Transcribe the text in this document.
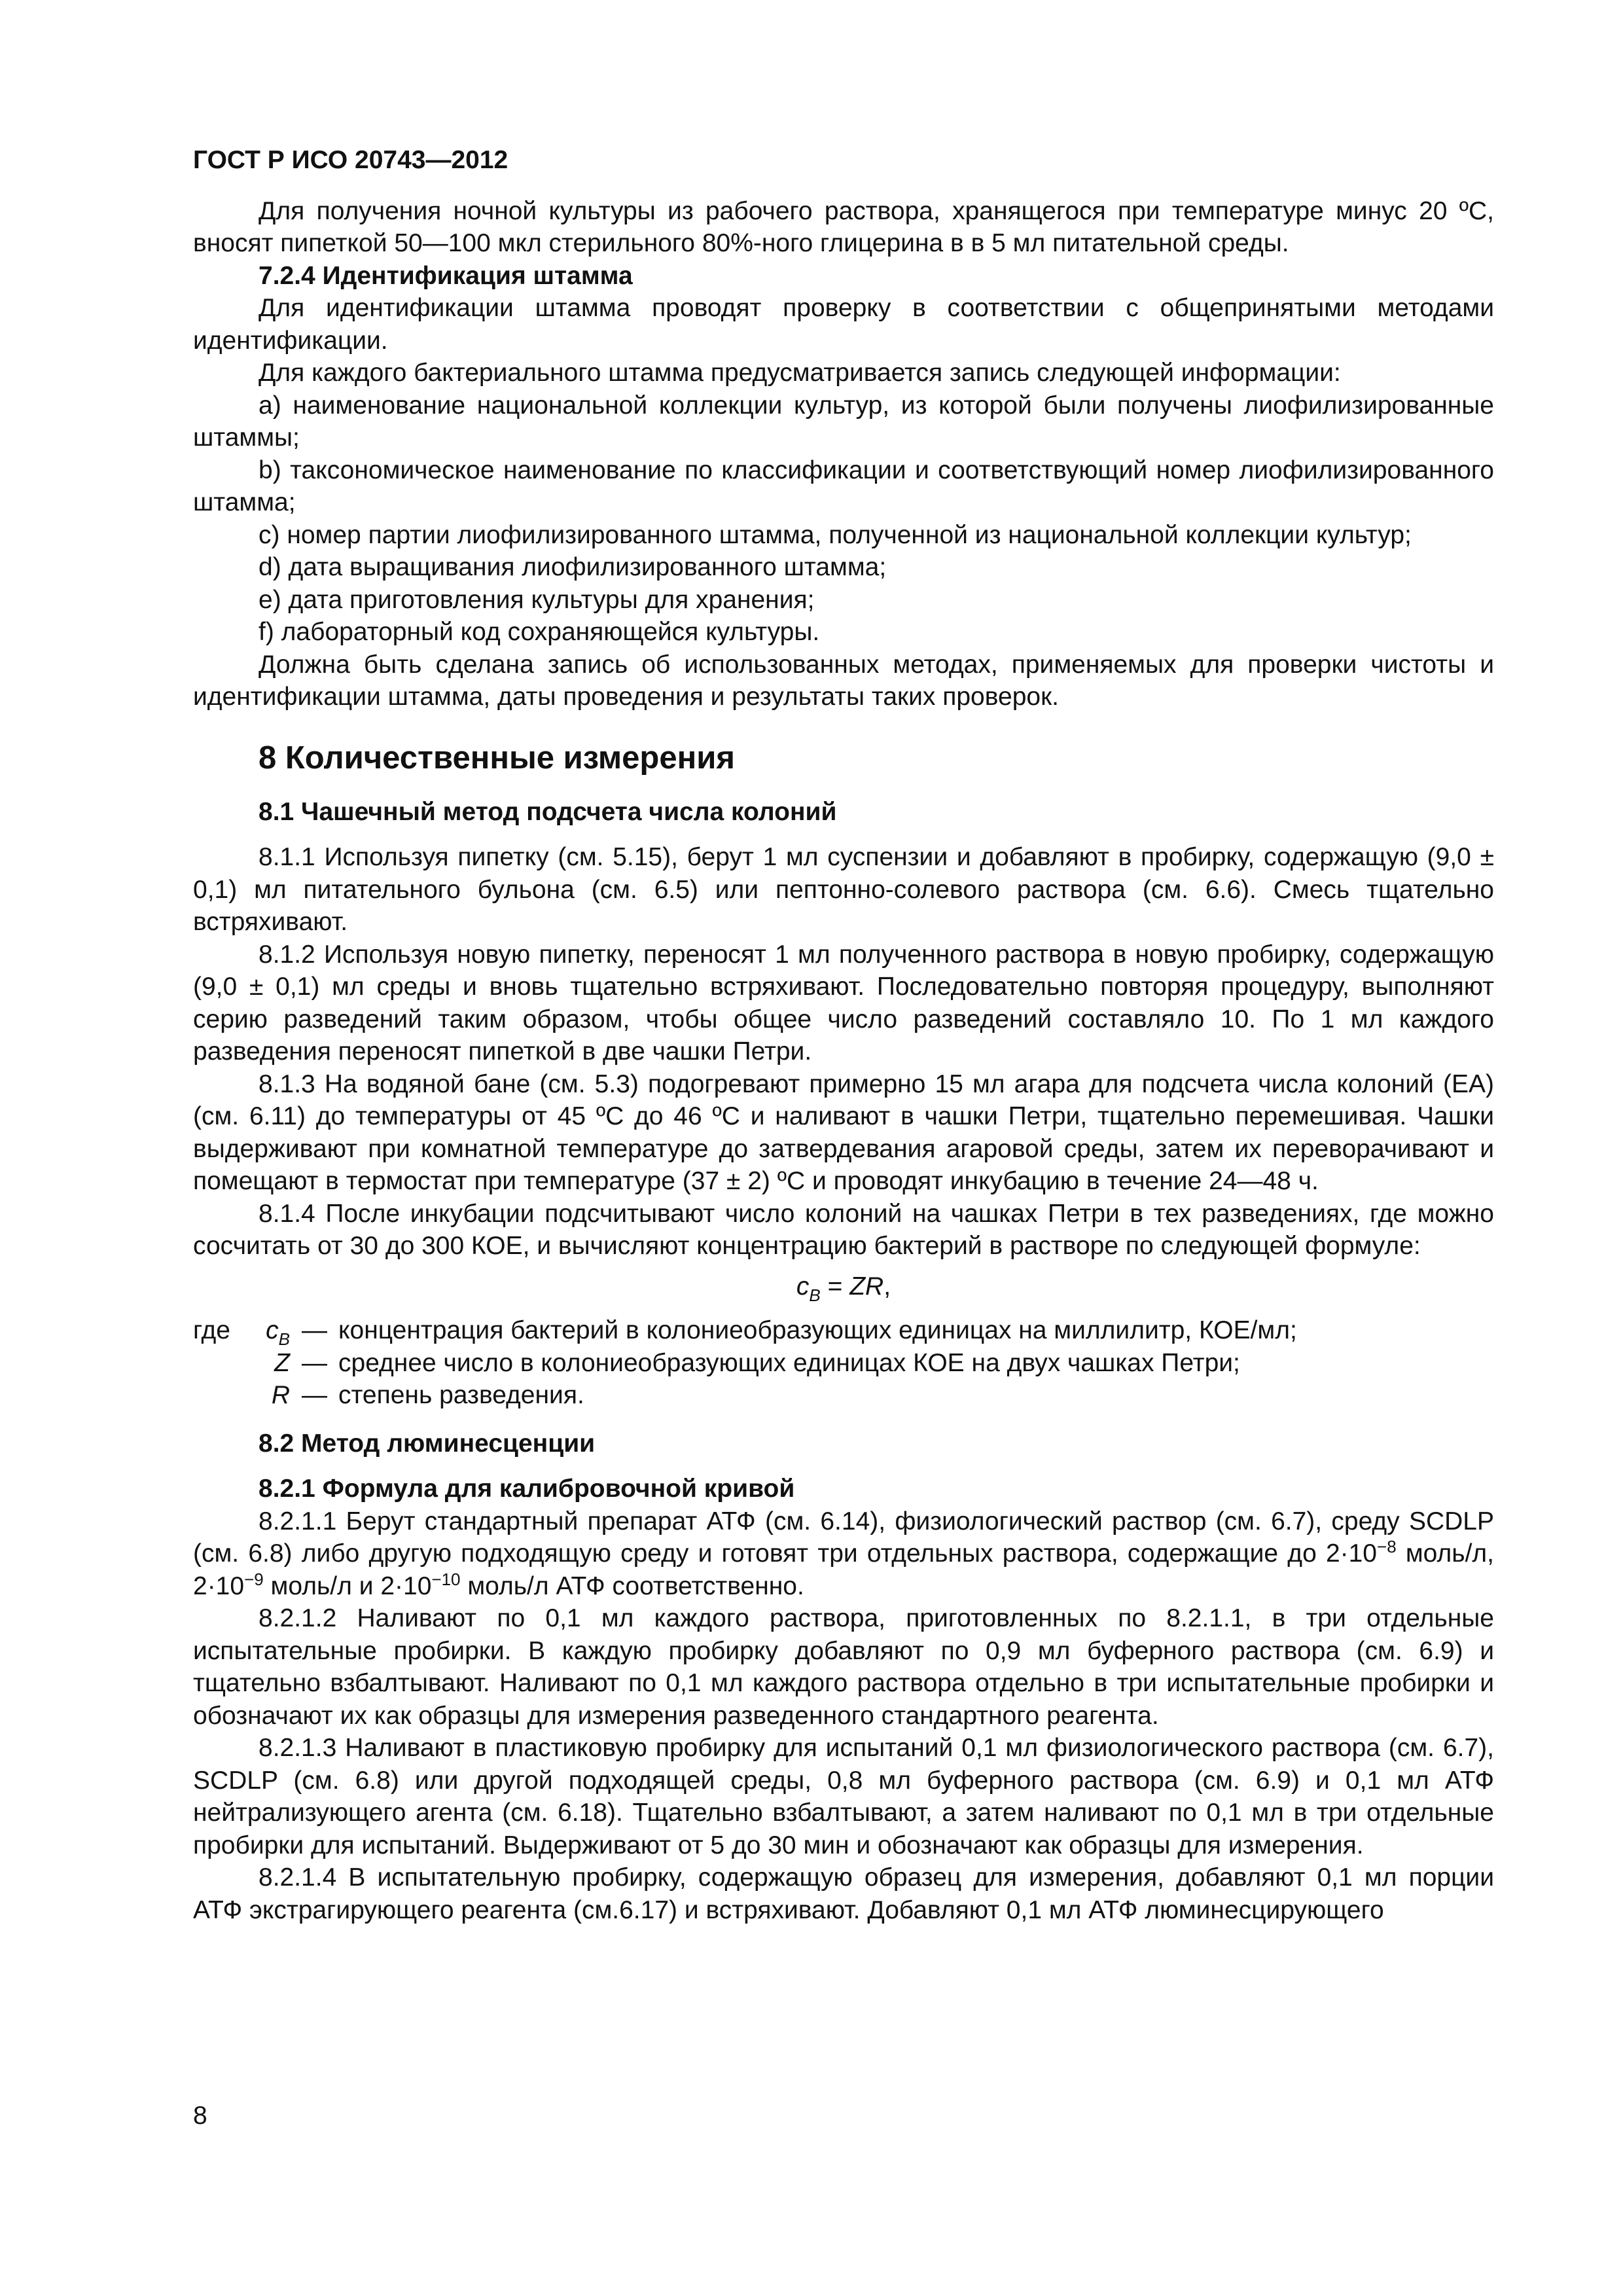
ГОСТ Р ИСО 20743—2012

Для получения ночной культуры из рабочего раствора, хранящегося при температуре минус 20 ºС, вносят пипеткой 50—100 мкл стерильного 80%-ного глицерина в в 5 мл питательной среды.

7.2.4 Идентификация штамма

Для идентификации штамма проводят проверку в соответствии с общепринятыми методами идентификации.

Для каждого бактериального штамма предусматривается запись следующей информации:

a) наименование национальной коллекции культур, из которой были получены лиофилизированные штаммы;

b) таксономическое наименование по классификации и соответствующий номер лиофилизированного штамма;

c) номер партии лиофилизированного штамма, полученной из национальной коллекции культур;

d) дата выращивания лиофилизированного штамма;

e) дата приготовления культуры для хранения;

f) лабораторный код сохраняющейся культуры.

Должна быть сделана запись об использованных методах, применяемых для проверки чистоты и идентификации штамма, даты проведения и результаты таких проверок.

8 Количественные измерения
8.1 Чашечный метод подсчета числа колоний

8.1.1 Используя пипетку (см. 5.15), берут 1 мл суспензии и добавляют в пробирку, содержащую (9,0 ± 0,1) мл питательного бульона (см. 6.5) или пептонно-солевого раствора (см. 6.6). Смесь тщательно встряхивают.

8.1.2 Используя новую пипетку, переносят 1 мл полученного раствора в новую пробирку, содержащую (9,0 ± 0,1) мл среды и вновь тщательно встряхивают. Последовательно повторяя процедуру, выполняют серию разведений таким образом, чтобы общее число разведений составляло 10. По 1 мл каждого разведения переносят пипеткой в две чашки Петри.

8.1.3 На водяной бане (см. 5.3) подогревают примерно 15 мл агара для подсчета числа колоний (ЕА) (см. 6.11) до температуры от 45 ºС до 46 ºС и наливают в чашки Петри, тщательно перемешивая. Чашки выдерживают при комнатной температуре до затвердевания агаровой среды, затем их переворачивают и помещают в термостат при температуре (37 ± 2) ºС и проводят инкубацию в течение 24—48 ч.

8.1.4 После инкубации подсчитывают число колоний на чашках Петри в тех разведениях, где можно сосчитать от 30 до 300 КОЕ, и вычисляют концентрацию бактерий в растворе по следующей формуле:

$c_B$ = ZR,
где	$c_B$ — концентрация бактерий в колониеобразующих единицах на миллилитр, КОЕ/мл;
Z — среднее число в колониеобразующих единицах КОЕ на двух чашках Петри;
R — степень разведения.
8.2 Метод люминесценции

8.2.1 Формула для калибровочной кривой

8.2.1.1 Берут стандартный препарат АТФ (см. 6.14), физиологический раствор (см. 6.7), среду SCDLP (см. 6.8) либо другую подходящую среду и готовят три отдельных раствора, содержащие до $2\cdot 10^{-8}$ моль/л, $2\cdot 10^{-9}$ моль/л и $2\cdot 10^{-10}$ моль/л АТФ соответственно.

8.2.1.2 Наливают по 0,1 мл каждого раствора, приготовленных по 8.2.1.1, в три отдельные испытательные пробирки. В каждую пробирку добавляют по 0,9 мл буферного раствора (см. 6.9) и тщательно взбалтывают. Наливают по 0,1 мл каждого раствора отдельно в три испытательные пробирки и обозначают их как образцы для измерения разведенного стандартного реагента.

8.2.1.3 Наливают в пластиковую пробирку для испытаний 0,1 мл физиологического раствора (см. 6.7), SCDLP (см. 6.8) или другой подходящей среды, 0,8 мл буферного раствора (см. 6.9) и 0,1 мл АТФ нейтрализующего агента (см. 6.18). Тщательно взбалтывают, а затем наливают по 0,1 мл в три отдельные пробирки для испытаний. Выдерживают от 5 до 30 мин и обозначают как образцы для измерения.

8.2.1.4 В испытательную пробирку, содержащую образец для измерения, добавляют 0,1 мл порции АТФ экстрагирующего реагента (см.6.17) и встряхивают. Добавляют 0,1 мл АТФ люминесцирующего

8
